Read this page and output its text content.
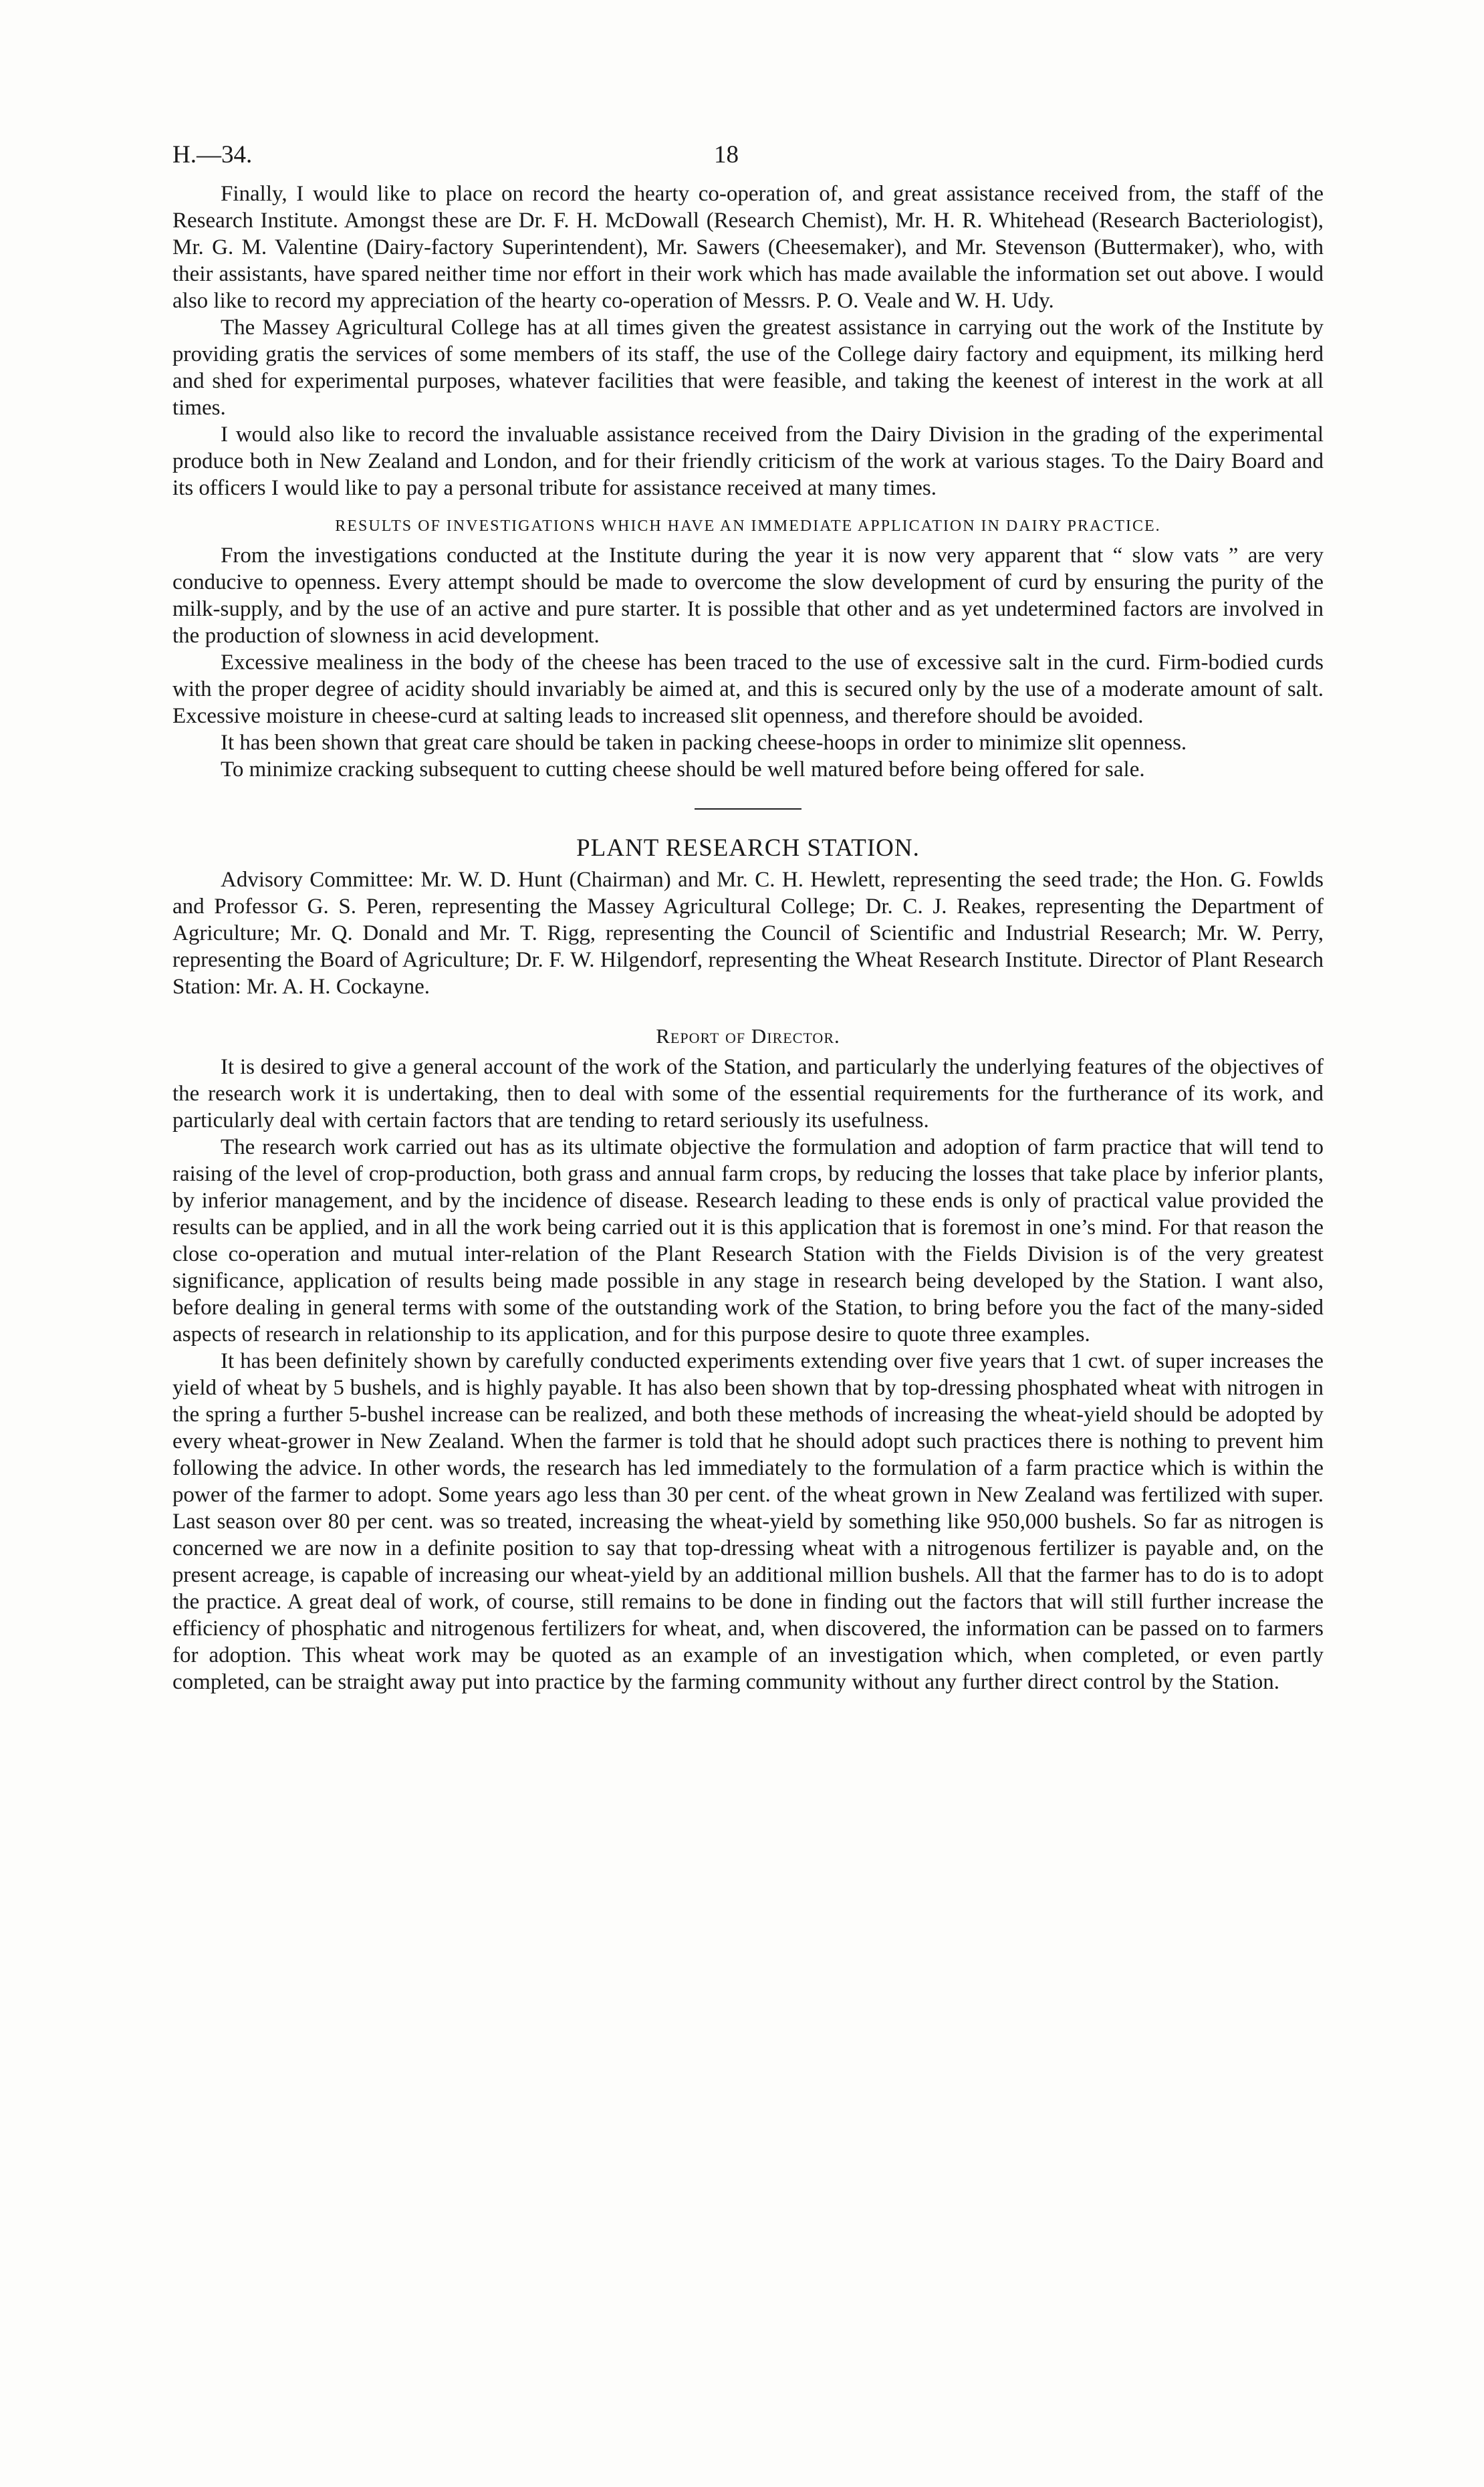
H.—34.	18

Finally, I would like to place on record the hearty co-operation of, and great assistance received from, the staff of the Research Institute. Amongst these are Dr. F. H. McDowall (Research Chemist), Mr. H. R. Whitehead (Research Bacteriologist), Mr. G. M. Valentine (Dairy-factory Superintendent), Mr. Sawers (Cheesemaker), and Mr. Stevenson (Buttermaker), who, with their assistants, have spared neither time nor effort in their work which has made available the information set out above. I would also like to record my appreciation of the hearty co-operation of Messrs. P. O. Veale and W. H. Udy.

The Massey Agricultural College has at all times given the greatest assistance in carrying out the work of the Institute by providing gratis the services of some members of its staff, the use of the College dairy factory and equipment, its milking herd and shed for experimental purposes, whatever facilities that were feasible, and taking the keenest of interest in the work at all times.

I would also like to record the invaluable assistance received from the Dairy Division in the grading of the experimental produce both in New Zealand and London, and for their friendly criticism of the work at various stages. To the Dairy Board and its officers I would like to pay a personal tribute for assistance received at many times.

RESULTS OF INVESTIGATIONS WHICH HAVE AN IMMEDIATE APPLICATION IN DAIRY PRACTICE.

From the investigations conducted at the Institute during the year it is now very apparent that “ slow vats ” are very conducive to openness. Every attempt should be made to overcome the slow development of curd by ensuring the purity of the milk-supply, and by the use of an active and pure starter. It is possible that other and as yet undetermined factors are involved in the production of slowness in acid development.

Excessive mealiness in the body of the cheese has been traced to the use of excessive salt in the curd. Firm-bodied curds with the proper degree of acidity should invariably be aimed at, and this is secured only by the use of a moderate amount of salt. Excessive moisture in cheese-curd at salting leads to increased slit openness, and therefore should be avoided.

It has been shown that great care should be taken in packing cheese-hoops in order to minimize slit openness.

To minimize cracking subsequent to cutting cheese should be well matured before being offered for sale.

PLANT RESEARCH STATION.

Advisory Committee: Mr. W. D. Hunt (Chairman) and Mr. C. H. Hewlett, representing the seed trade; the Hon. G. Fowlds and Professor G. S. Peren, representing the Massey Agricultural College; Dr. C. J. Reakes, representing the Department of Agriculture; Mr. Q. Donald and Mr. T. Rigg, representing the Council of Scientific and Industrial Research; Mr. W. Perry, representing the Board of Agriculture; Dr. F. W. Hilgendorf, representing the Wheat Research Institute. Director of Plant Research Station: Mr. A. H. Cockayne.

Report of Director.

It is desired to give a general account of the work of the Station, and particularly the underlying features of the objectives of the research work it is undertaking, then to deal with some of the essential requirements for the furtherance of its work, and particularly deal with certain factors that are tending to retard seriously its usefulness.

The research work carried out has as its ultimate objective the formulation and adoption of farm practice that will tend to raising of the level of crop-production, both grass and annual farm crops, by reducing the losses that take place by inferior plants, by inferior management, and by the incidence of disease. Research leading to these ends is only of practical value provided the results can be applied, and in all the work being carried out it is this application that is foremost in one’s mind. For that reason the close co-operation and mutual inter-relation of the Plant Research Station with the Fields Division is of the very greatest significance, application of results being made possible in any stage in research being developed by the Station. I want also, before dealing in general terms with some of the outstanding work of the Station, to bring before you the fact of the many-sided aspects of research in relationship to its application, and for this purpose desire to quote three examples.

It has been definitely shown by carefully conducted experiments extending over five years that 1 cwt. of super increases the yield of wheat by 5 bushels, and is highly payable. It has also been shown that by top-dressing phosphated wheat with nitrogen in the spring a further 5-bushel increase can be realized, and both these methods of increasing the wheat-yield should be adopted by every wheat-grower in New Zealand. When the farmer is told that he should adopt such practices there is nothing to prevent him following the advice. In other words, the research has led immediately to the formulation of a farm practice which is within the power of the farmer to adopt. Some years ago less than 30 per cent. of the wheat grown in New Zealand was fertilized with super. Last season over 80 per cent. was so treated, increasing the wheat-yield by something like 950,000 bushels. So far as nitrogen is concerned we are now in a definite position to say that top-dressing wheat with a nitrogenous fertilizer is payable and, on the present acreage, is capable of increasing our wheat-yield by an additional million bushels. All that the farmer has to do is to adopt the practice. A great deal of work, of course, still remains to be done in finding out the factors that will still further increase the efficiency of phosphatic and nitrogenous fertilizers for wheat, and, when discovered, the information can be passed on to farmers for adoption. This wheat work may be quoted as an example of an investigation which, when completed, or even partly completed, can be straight away put into practice by the farming community without any further direct control by the Station.
